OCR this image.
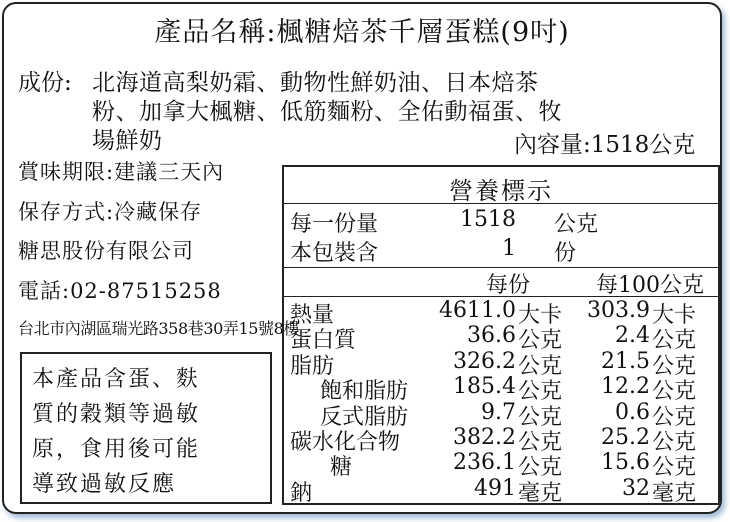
產品名稱:楓糖焙茶千層蛋糕(9吋)
成份: 北海道高梨奶霜、動物性鮮奶油、日本焙茶
粉、加拿大楓糖、低筋麵粉、全佑動福蛋、牧
場鮮奶	內容量:1518公克
賞味期限:建議三天內
保存方式:冷藏保存
糖思股份有限公司
電話:02-87515258
台北市內湖區瑞光路358巷30弄15號8樓
本產品含蛋、麩
質的穀類等過敏
原，食用後可能
導致過敏反應
營養標示
每一份量	1518 公克
本包裝含	1 份
每份	每100公克
熱量	4611.0 大卡	303.9 大卡
蛋白質	36.6 公克	2.4 公克
脂肪	326.2 公克	21.5 公克
飽和脂肪	185.4 公克	12.2 公克
反式脂肪	9.7 公克	0.6 公克
碳水化合物	382.2 公克	25.2 公克
糖	236.1 公克	15.6 公克
鈉	491 毫克	32 毫克
